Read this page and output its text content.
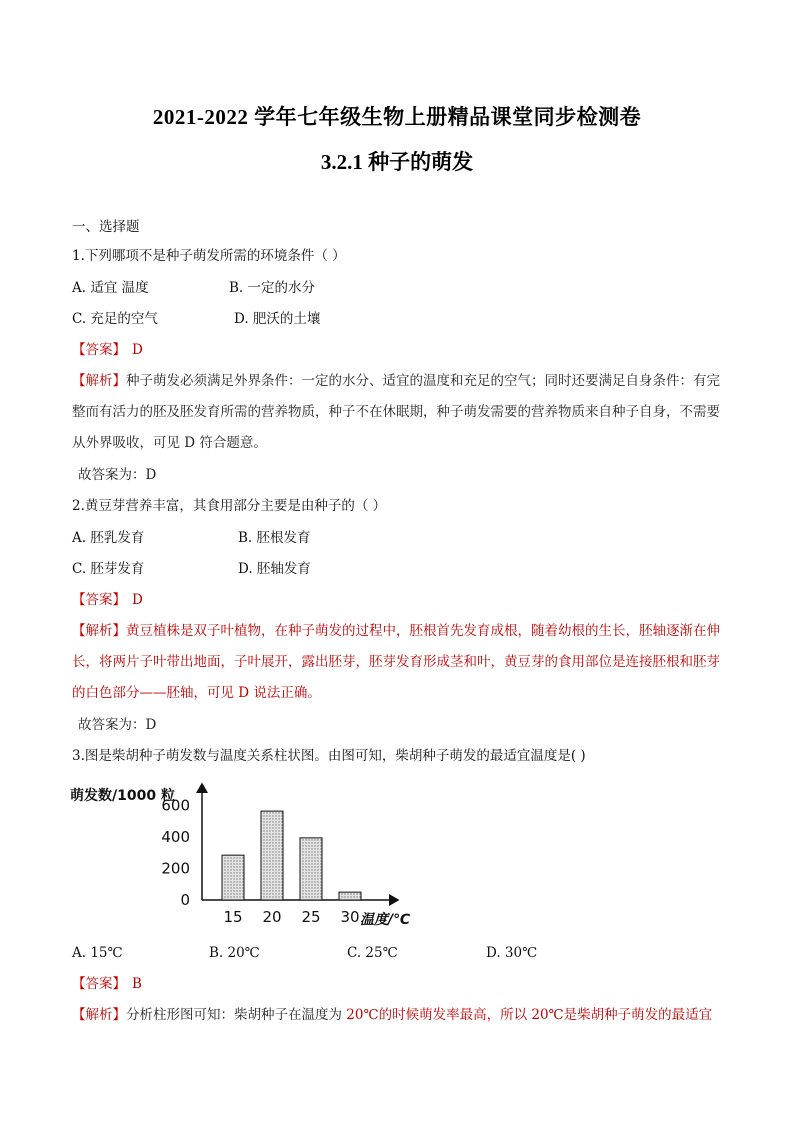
2021-2022 学年七年级生物上册精品课堂同步检测卷
3.2.1 种子的萌发
一、选择题
1.下列哪项不是种子萌发所需的环境条件（ ）
A. 适宜 温度	B. 一定的水分
C. 充足的空气	D. 肥沃的土壤
【答案】 D
【解析】种子萌发必须满足外界条件：一定的水分、适宜的温度和充足的空气；同时还要满足自身条件：有完整而有活力的胚及胚发育所需的营养物质，种子不在休眠期，种子萌发需要的营养物质来自种子自身，不需要从外界吸收，可见 D 符合题意。
故答案为：D
2.黄豆芽营养丰富，其食用部分主要是由种子的（ ）
A. 胚乳发育	B. 胚根发育
C. 胚芽发育	D. 胚轴发育
【答案】 D
【解析】黄豆植株是双子叶植物，在种子萌发的过程中，胚根首先发育成根，随着幼根的生长，胚轴逐渐在伸长，将两片子叶带出地面，子叶展开，露出胚芽，胚芽发育形成茎和叶，黄豆芽的食用部位是连接胚根和胚芽的白色部分——胚轴，可见 D 说法正确。
故答案为：D
3.图是柴胡种子萌发数与温度关系柱状图。由图可知，柴胡种子萌发的最适宜温度是( )
萌发数/1000 粒
0
200
400
600
15 20 25 30 温度/℃
A. 15℃	B. 20℃	C. 25℃	D. 30℃
【答案】 B
【解析】分析柱形图可知：柴胡种子在温度为 20℃的时候萌发率最高，所以 20℃是柴胡种子萌发的最适宜
